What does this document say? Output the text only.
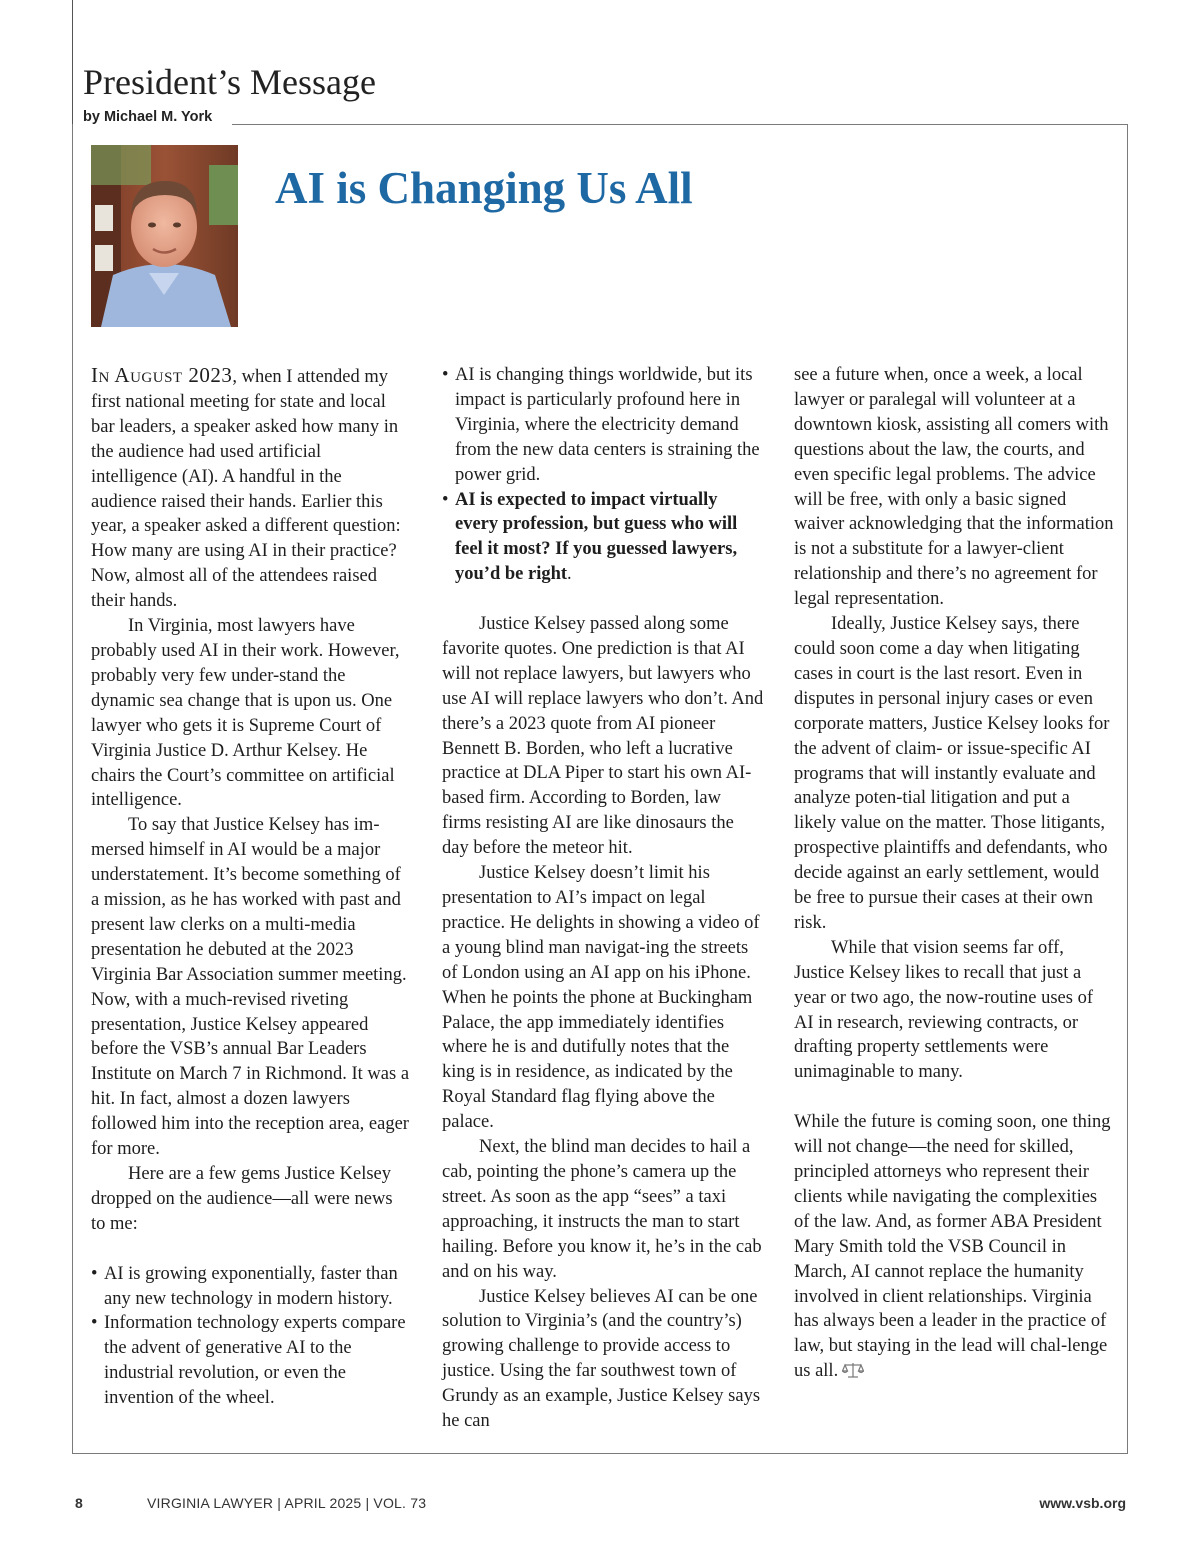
President’s Message
by Michael M. York
AI is Changing Us All

In August 2023, when I attended my first national meeting for state and local bar leaders, a speaker asked how many in the audience had used artificial intelligence (AI). A handful in the audience raised their hands. Earlier this year, a speaker asked a different question: How many are using AI in their practice? Now, almost all of the attendees raised their hands.

In Virginia, most lawyers have probably used AI in their work. However, probably very few under-stand the dynamic sea change that is upon us. One lawyer who gets it is Supreme Court of Virginia Justice D. Arthur Kelsey. He chairs the Court’s committee on artificial intelligence.

To say that Justice Kelsey has im-mersed himself in AI would be a major understatement. It’s become something of a mission, as he has worked with past and present law clerks on a multi-media presentation he debuted at the 2023 Virginia Bar Association summer meeting. Now, with a much-revised riveting presentation, Justice Kelsey appeared before the VSB’s annual Bar Leaders Institute on March 7 in Richmond. It was a hit. In fact, almost a dozen lawyers followed him into the reception area, eager for more.

Here are a few gems Justice Kelsey dropped on the audience—all were news to me:

• AI is growing exponentially, faster than any new technology in modern history.
• Information technology experts compare the advent of generative AI to the industrial revolution, or even the invention of the wheel.
• AI is changing things worldwide, but its impact is particularly profound here in Virginia, where the electricity demand from the new data centers is straining the power grid.
• AI is expected to impact virtually every profession, but guess who will feel it most? If you guessed lawyers, you’d be right.

Justice Kelsey passed along some favorite quotes. One prediction is that AI will not replace lawyers, but lawyers who use AI will replace lawyers who don’t. And there’s a 2023 quote from AI pioneer Bennett B. Borden, who left a lucrative practice at DLA Piper to start his own AI-based firm. According to Borden, law firms resisting AI are like dinosaurs the day before the meteor hit.

Justice Kelsey doesn’t limit his presentation to AI’s impact on legal practice. He delights in showing a video of a young blind man navigat-ing the streets of London using an AI app on his iPhone. When he points the phone at Buckingham Palace, the app immediately identifies where he is and dutifully notes that the king is in residence, as indicated by the Royal Standard flag flying above the palace.

Next, the blind man decides to hail a cab, pointing the phone’s camera up the street. As soon as the app “sees” a taxi approaching, it instructs the man to start hailing. Before you know it, he’s in the cab and on his way.

Justice Kelsey believes AI can be one solution to Virginia’s (and the country’s) growing challenge to provide access to justice. Using the far southwest town of Grundy as an example, Justice Kelsey says he can

see a future when, once a week, a local lawyer or paralegal will volunteer at a downtown kiosk, assisting all comers with questions about the law, the courts, and even specific legal problems. The advice will be free, with only a basic signed waiver acknowledging that the information is not a substitute for a lawyer-client relationship and there’s no agreement for legal representation.

Ideally, Justice Kelsey says, there could soon come a day when litigating cases in court is the last resort. Even in disputes in personal injury cases or even corporate matters, Justice Kelsey looks for the advent of claim- or issue-specific AI programs that will instantly evaluate and analyze poten-tial litigation and put a likely value on the matter. Those litigants, prospective plaintiffs and defendants, who decide against an early settlement, would be free to pursue their cases at their own risk.

While that vision seems far off, Justice Kelsey likes to recall that just a year or two ago, the now-routine uses of AI in research, reviewing contracts, or drafting property settlements were unimaginable to many.

While the future is coming soon, one thing will not change—the need for skilled, principled attorneys who represent their clients while navigating the complexities of the law. And, as former ABA President Mary Smith told the VSB Council in March, AI cannot replace the humanity involved in client relationships. Virginia has always been a leader in the practice of law, but staying in the lead will chal-lenge us all.

8	VIRGINIA LAWYER | APRIL 2025 | VOL. 73	www.vsb.org
